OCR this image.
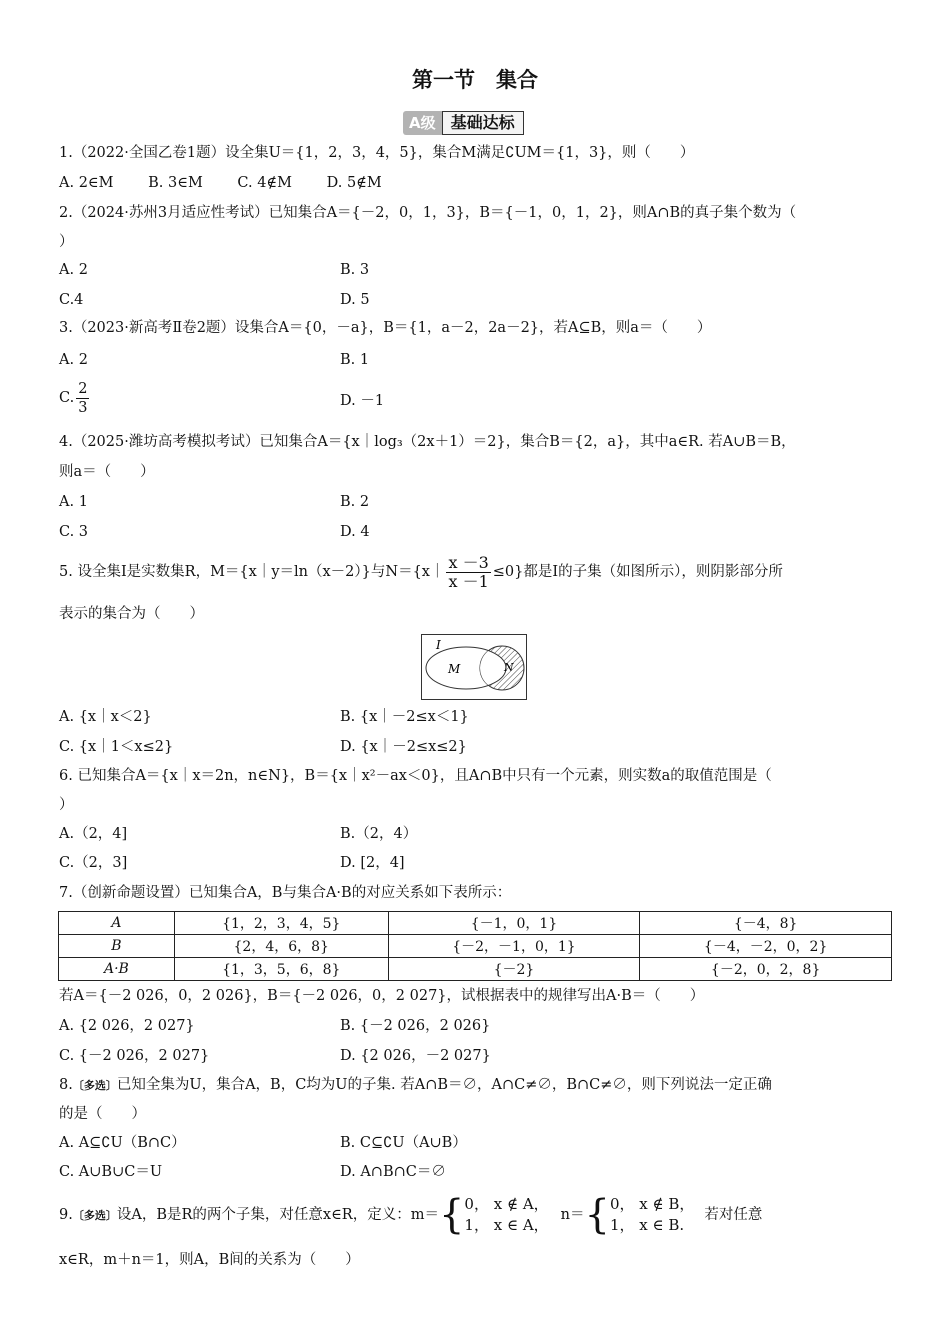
第一节　集合
A级 基础达标
1.（2022·全国乙卷1题）设全集U＝{1，2，3，4，5}，集合M满足∁UM＝{1，3}，则（　　）
A. 2∈M B. 3∈M C. 4∉M D. 5∉M
2.（2024·苏州3月适应性考试）已知集合A＝{－2，0，1，3}，B＝{－1，0，1，2}，则A∩B的真子集个数为（
）
A. 2	B. 3
C.4	D. 5
3.（2023·新高考Ⅱ卷2题）设集合A＝{0，－a}，B＝{1，a－2，2a－2}，若A⊆B，则a＝（　　）
A. 2	B. 1
C. $\frac{2}{3}$	D. －1
4.（2025·潍坊高考模拟考试）已知集合A＝{x｜log₃（2x＋1）＝2}，集合B＝{2，a}，其中a∈R. 若A∪B＝B，
则a＝（　　）
A. 1	B. 2
C. 3	D. 4
5. 设全集I是实数集R，M＝{x｜y＝ln（x－2）}与N＝{x｜ $\frac{x -3}{x -1} \le 0$}都是I的子集（如图所示），则阴影部分所
表示的集合为（　　）
I
M	N
A. {x｜x＜2}	B. {x｜－2≤x＜1}
C. {x｜1＜x≤2}	D. {x｜－2≤x≤2}
6. 已知集合A＝{x｜x＝2n，n∈N}，B＝{x｜x²－ax＜0}，且A∩B中只有一个元素，则实数a的取值范围是（
）
A.（2，4]	B.（2，4）
C.（2，3]	D. [2，4]
7.（创新命题设置）已知集合A，B与集合A·B的对应关系如下表所示：
A	{1，2，3，4，5}	{－1，0，1}	{－4，8}
B	{2，4，6，8}	{－2，－1，0，1}	{－4，－2，0，2}
A·B	{1，3，5，6，8}	{－2}	{－2，0，2，8}
若A＝{－2 026，0，2 026}，B＝{－2 026，0，2 027}，试根据表中的规律写出A·B＝（　　）
A. {2 026，2 027}	B. {－2 026，2 026}
C. {－2 026，2 027}	D. {2 026，－2 027}
8.〔多选〕已知全集为U，集合A，B，C均为U的子集. 若A∩B＝∅，A∩C≠∅，B∩C≠∅，则下列说法一定正确
的是（　　）
A. A⊆∁U（B∩C）	B. C⊆∁U（A∪B）
C. A∪B∪C＝U	D. A∩B∩C＝∅
9.〔多选〕设A，B是R的两个子集，对任意x∈R，定义：m＝{ 0， x ∉ A，
1， x ∈ A，
n＝{ 0， x ∉ B，
1， x ∈ B.
若对任意
x∈R，m＋n＝1，则A，B间的关系为（　　）
